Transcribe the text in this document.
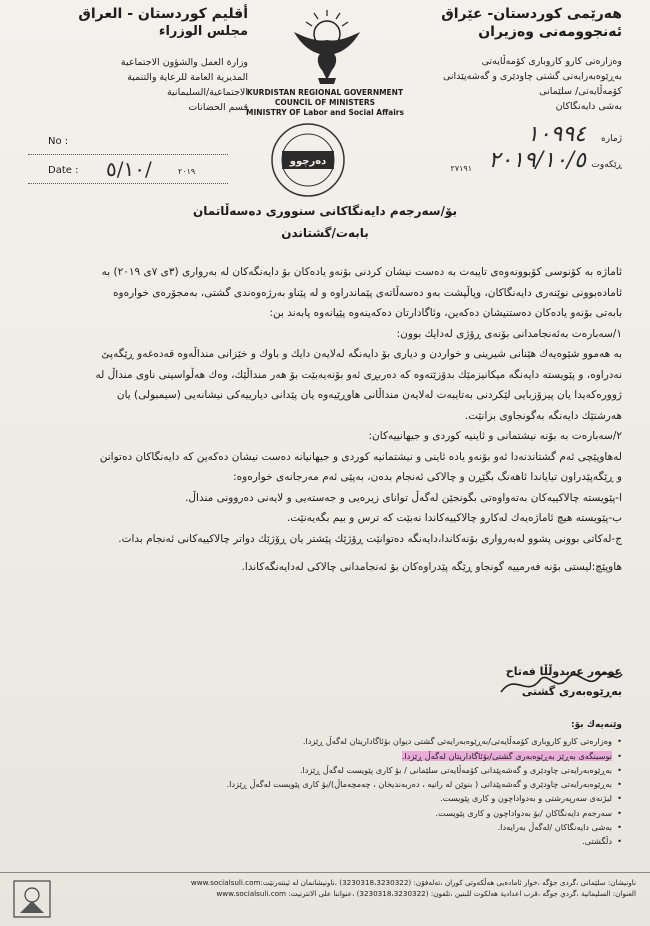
هەرێمی کوردستان- عێراق
ئەنجوومەنی وەزیران
وەزارەتی كارو كاروباری كۆمەڵایەتی
بەڕێوەبەرایەتی گشتی چاودێری و گەشەپێدانی
كۆمەڵایەتی/ سلێمانی
بەشی دایەنگاكان
أقليم كوردستان - العراق
مجلس الوزراء
وزارة العمل والشؤون الاجتماعية
المديرية العامة للرعاية والتنمية
الاجتماعية/السليمانية
قسم الحضانات
KURDISTAN REGIONAL GOVERNMENT
COUNCIL OF MINISTERS
MINISTRY OF Labor and Social Affairs
No :
Date : ٥/١٠/	٢٠١٩
ژمارە
١٠٩٩٤
ڕێكەوت
٢٠١٩/١٠/٥
٢٧١٩١
ده‌رچوو
بۆ/سەرجەم دایەنگاكانی سنووری دەسەڵاتمان
بابەت/گشتاندن

ئاماژە بە كۆنوسی كۆبوونەوەی تایبەت بە دەست نیشان كردنی بۆنەو یادەكان بۆ دایەنگەكان لە بەرواری (٣ی ٧ی ٢٠١٩) بە

ئامادەبوونی نوێنەری دایەنگاكان، وپاڵپشت بەو دەسەڵاتەی پێماندراوە و لە پێناو بەرژەوەندی گشتی، بەمجۆرەی خوارەوە

بابەتی بۆنەو یادەكان دەستنیشان دەكەین، وئاگادارتان دەكەینەوە پێیانەوە پابەند بن:

١/سەبارەت بەئەنجامدانی بۆنەی ڕۆژی لەدایك بوون:

بە هەموو شێوەیەك هێنانی شیرینی و خواردن و دیاری بۆ دایەنگە لەلایەن دایك و باوك و خێزانی منداڵەوە قەدەغەو ڕێگەپێ

نەدراوە، و پێویستە دایەنگە میكانیزمێك بدۆزێتەوە كە دەربڕی ئەو بۆنەیەبێت بۆ هەر منداڵێك، وەك هەڵواسینی ناوی منداڵ لە

ژوورەكەیدا یان پیرۆزبایی لێكردنی بەتایبەت لەلایەن منداڵانی هاوڕێیەوە یان پێدانی دیارییەكی نیشانەیی (سیمبولی) یان

هەرشتێك دایەنگە بەگونجاوی بزانێت.

٢/سەبارەت بە بۆنە نیشتمانی و ئاینیە كوردی و جیهانییەكان:

لەهاوپێچی ئەم گشتاندنەدا ئەو بۆنەو یادە ئاینی و نیشتمانیە كوردی و جیهانیانە دەست نیشان دەكەین كە دایەنگاكان دەتوانن

و ڕێگەپێدراون تیایاندا ئاهەنگ بگێڕن و چالاكی ئەنجام بدەن، بەپێی ئەم مەرجانەی خوارەوە:

ا-پێویستە چالاكییەكان بەتەواوەتی بگونجێن لەگەڵ توانای زیرەیی و جەستەیی و لایەنی دەروونی منداڵ.

ب-پێویستە هیچ ئاماژەیەك لەكارو چالاكییەكاندا نەبێت كە ترس و بیم بگەیەنێت.

ج-لەكاتی بوونی پشوو لەبەرواری بۆنەكاندا،دایەنگە دەتوانێت ڕۆژێك پێشتر یان ڕۆژێك دواتر چالاكییەكانی ئەنجام بدات.

هاوپێچ:لیستی بۆنە فەرمییە گونجاو ڕێگە پێدراوەكان بۆ ئەنجامدانی چالاكی لەدایەنگەكاندا.

عومەر عەبدوڵڵا فەتاح
بەڕێوەبەری گشتی
وێنەیەك بۆ:
• وەزارەتی كارو كاروباری كۆمەڵایەتی/بەڕێوەبەرایەتی گشتی دیوان بۆئاگاداریتان لەگەڵ ڕێزدا.
• نوسینگەی بەڕێز بەڕێوەبەری گشتی/بۆئاگاداریتان لەگەڵ ڕێزدا.
• بەڕێوەبەرایەتی چاودێری و گەشەپێدانی كۆمەڵایەتی سلێمانی / بۆ كاری پێویست لەگەڵ ڕێزدا.
• بەڕێوەبەرایەتی چاودێری و گەشەپێدانی ( بنوێن له رانیه ، دەربەندیخان ، چەمچەماڵ)/بۆ كاری پێویست لەگەڵ ڕێزدا.
• لیژنەی سەرپەرشتی و بەدواداچون و كاری پێویست.
• سەرجەم دایەنگاكان /بۆ بەدواداچون و كاری پێویست.
• بەشی دایەنگاكان /لەگەڵ بەرایەدا.
• دڵگشتی.
ناونیشان: سلێمانی ،گردی جۆگە ،خوار ئامادەیی هەڵكەوتی كوران ،تەلەفۆن: (3230318،3230322) ،ناونیشانمان لە ئینتەرنێت:www.socialsuli.com
العنوان: السليمانية ،گردي جوگه ،قرب اعدادية هەلكوت للبنين ،تلفون: (3230318،3230322) ،عنواننا على الانترنيت: www.socialsuli.com
